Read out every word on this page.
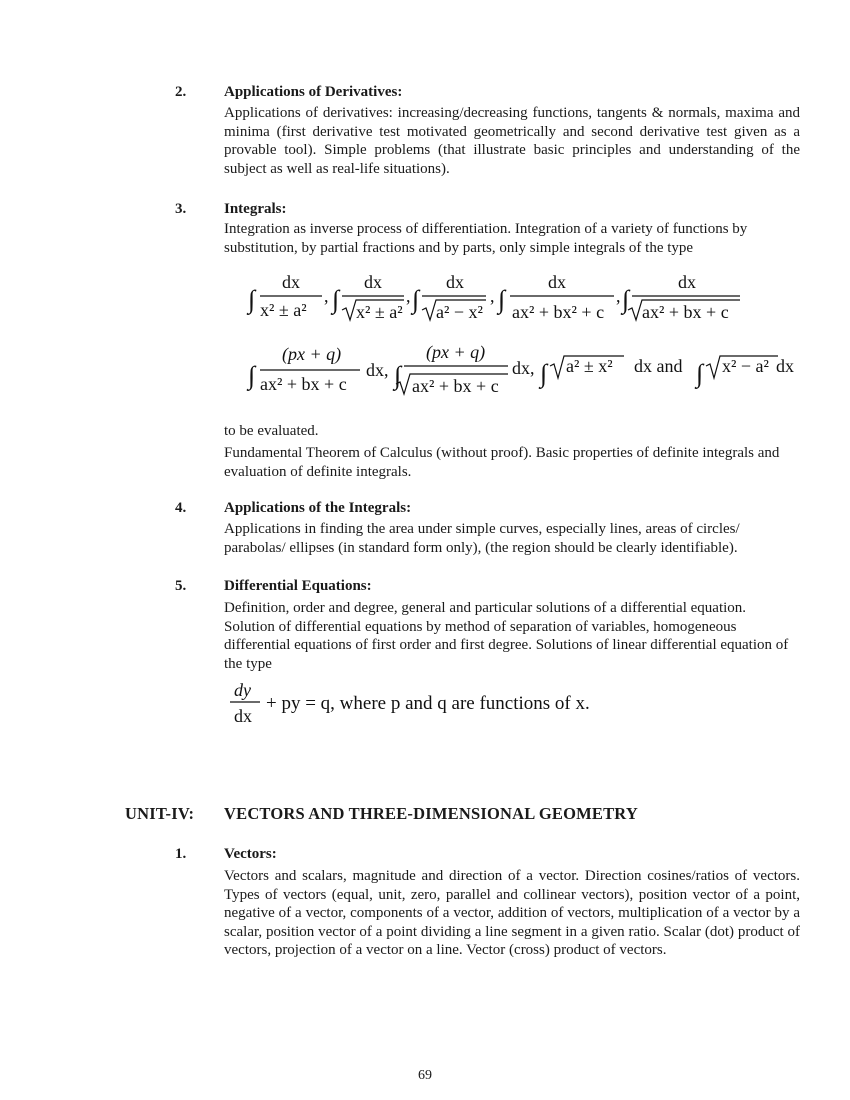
2.	Applications of Derivatives:
Applications of derivatives: increasing/decreasing functions, tangents & normals, maxima and minima (first derivative test motivated geometrically and second derivative test given as a provable tool). Simple problems (that illustrate basic principles and understanding of the subject as well as real-life situations).
3.	Integrals:
Integration as inverse process of differentiation. Integration of a variety of functions by substitution, by partial fractions and by parts, only simple integrals of the type
∫
dx
x² ± a²
, ∫
dx
x² ± a²
, ∫
dx
a² − x²
, ∫
dx
ax² + bx² + c
, ∫
dx
ax² + bx + c
∫
(px + q)
ax² + bx + c
dx, ∫
(px + q)
ax² + bx + c
dx, ∫ a² ± x² dx and ∫ x² − a² dx
to be evaluated.
Fundamental Theorem of Calculus (without proof). Basic properties of definite integrals and evaluation of definite integrals.
4.	Applications of the Integrals:
Applications in finding the area under simple curves, especially lines, areas of circles/ parabolas/ ellipses (in standard form only), (the region should be clearly identifiable).
5.	Differential Equations:
Definition, order and degree, general and particular solutions of a differential equation. Solution of differential equations by method of separation of variables, homogeneous differential equations of first order and first degree. Solutions of linear differential equation of the type
dy
dx
+ py = q, where p and q are functions of x.
UNIT-IV: VECTORS AND THREE-DIMENSIONAL GEOMETRY
1.	Vectors:
Vectors and scalars, magnitude and direction of a vector. Direction cosines/ratios of vectors. Types of vectors (equal, unit, zero, parallel and collinear vectors), position vector of a point, negative of a vector, components of a vector, addition of vectors, multiplication of a vector by a scalar, position vector of a point dividing a line segment in a given ratio. Scalar (dot) product of vectors, projection of a vector on a line. Vector (cross) product of vectors.
69
